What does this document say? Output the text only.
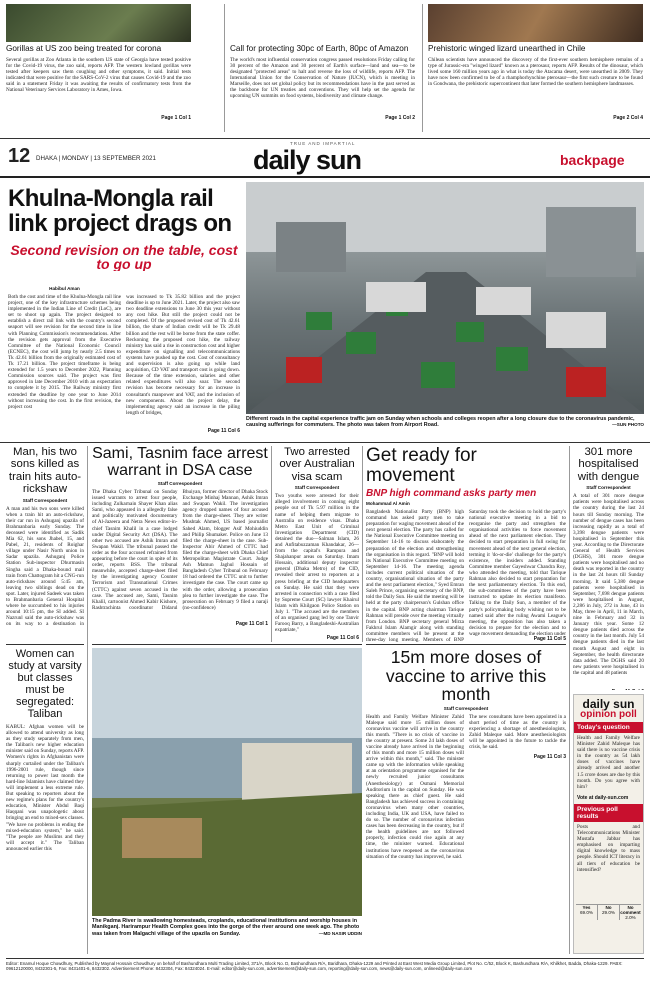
Gorillas at US zoo being treated for corona
Several gorillas at Zoo Atlanta in the southern US state of Georgia have tested positive for the Covid-19 virus, the zoo said, reports AFP. The western lowland gorillas were tested after keepers saw them coughing and other symptoms, it said. Initial tests indicated that were positive for the SARS-CoV-2 virus that causes Covid-19 and the zoo said in a statement Friday it was awaiting the results of confirmatory tests from the National Veterinary Services Laboratory in Ames, Iowa.
Page 1 Col 1
Call for protecting 30pc of Earth, 80pc of Amazon
The world's most influential conservation congress passed resolutions Friday calling for 30 percent of the Amazon and 30 percent of Earth's surface—land and sea—to be designated "protected areas" to halt and reverse the loss of wildlife, reports AFP. The International Union for the Conservation of Nature (IUCN), which is meeting in Marseille, does not set global policy but its recommendations have in the past served as the backbone for UN treaties and conventions. They will help set the agenda for upcoming UN summits on food systems, biodiversity and climate change.
Page 1 Col 2
Prehistoric winged lizard unearthed in Chile
Chilean scientists have announced the discovery of the first-ever southern hemisphere remains of a type of Jurassic-era "winged lizard" known as a pterosaur, reports AFP. Results of the dinosaur, which lived some 160 million years ago in what is today the Atacama desert, were unearthed in 2009. They have now been confirmed to be of a rhamphorhynchine pterosaur—the first such creature to be found in Gondwana, the prehistoric supercontinent that later formed the southern hemisphere landmasses.
Page 2 Col 4
12 DHAKA | MONDAY | 13 SEPTEMBER 2021
TRUE AND IMPARTIAL
daily sun	backpage
Khulna-Mongla rail link project drags on
Second revision on the table, cost to go up
Habibul Aman
Both the cost and time of the Khulna-Mongla rail line project, one of the key infrastructure schemes being implemented in the Indian Line of Credit (LoC), are set to shoot up again. The project designed to establish a direct rail link with the country's second seaport will see revision for the second time in line with Planning Commission's recommendations. After the revision gets approval from the Executive Committee of the National Economic Council (ECNEC), the cost will jump by nearly 2.5 times to Tk 42.61 billion from the originally estimated cost of Tk 17.21 billion. The project timeframe is being extended for 1.5 years to December 2022, Planning Commission sources said. The project was first approved in late December 2010 with an expectation to complete it by 2015. The Railway ministry first extended the deadline by one year to June 2014 without increasing the cost. In the first revision, the project cost
was increased to Tk 35.82 billion and the project deadline is up to June 2021. Later, the project also saw two deadline extensions to June 30 this year without any cost hike. But still the project could not be completed. Of the proposed revised cost of Tk 42.61 billion, the share of Indian credit will be Tk 29.48 billion and the rest will be borne from the state coffer. Reckoning the proposed cost hike, the railway ministry has said a rise in construction cost and higher expenditure on signalling and telecommunications systems have pushed up the cost. Cost of consultancy and supervision is also going up while land acquisition, CD VAT and transport cost is going down. Because of the time extension, salaries and other related expenditures will also soar. The second revision has become necessary for an increase in consultant's manpower and VAT, and the inclusion of new components. About the project delay, the implementing agency said an increase in the piling length of bridges,
Page 11 Col 6
Different roads in the capital experience traffic jam on Sunday when schools and colleges reopen after a long closure due to the coronavirus pandemic, causing sufferings for commuters. The photo was taken from Airport Road.	—SUN PHOTO
Man, his two sons killed as train hits auto-rickshaw
Staff Correspondent
A man and his two sons were killed when a train hit an auto-rickshaw, their car run in Ashuganj upazila of Brahmanbaria early Sunday. The deceased were identified as Sadik Mia 62, his sons Jhabel, 15, and Pabel, 21, residents of Roighar village under Nasir North union in Sadar upazila. Ashuganj Police Station Sub-inspector Dhurmasin Singha said a Dhaka-bound mail train from Chattogram hit a CNG-run auto-rickshaw around 5:45 am, leaving two siblings dead on the spot. Later, injured Sadeek was taken to Brahmanbaria General Hospital where he succumbed to his injuries around 10:15 pm, the SI added. SI Nazrunl said the auto-rickshaw was on its way to a destination in
Women can study at varsity but classes must be segregated: Taliban
KABUL: Afghan women will be allowed to attend university as long as they study separately from men, the Taliban's new higher education minister said on Sunday, reports AFP. Women's rights in Afghanistan were sharply curtailed under the Taliban's 1996-2001 rule, though since returning to power last month the hard-line Islamists have claimed they will implement a less extreme rule. But speaking to reporters about the new regime's plans for the country's education, Minister Abdul Baqi Haqqani was unapologetic about bringing an end to mixed-sex classes. "We have no problems in ending the mixed-education system," he said. "The people are Muslims and they will accept it." The Taliban announced earlier this
Sami, Tasnim face arrest warrant in DSA case
Staff Correspondent
The Dhaka Cyber Tribunal on Sunday issued warrants to arrest four people, including Zulkarnain Shayer Khan alias Sami, who appeared in a allegedly false and politically motivated documentary of Al-Jazeera and Netra News editor-in-chief Tasnim Khalil in a case lodged under Digital Security Act (DSA). The other two accused are Ashik Imran and Swapan Wakil. The tribunal passed the order as the four accused refrained from appearing before the court in spite of its order, reports BSS. The tribunal meanwhile, accepted charge-sheet filed by the investigating agency Counter Terrorism and Transnational Crimes (CTTC) against seven accused in the case. The accused are, Sami, Tasnim Khalil, cartoonist Ahmed Kabir Kishore, Rashtrachinta coordinator Didarul Bhuiyan, former director of Dhaka Stock Exchange Minhaj Mannan, Ashik Imran and Swapan Wakil. The investigation agency dropped names of four accused from the charge-sheet. They are writer Mushtak Ahmed, US based journalist Sahed Alam, blogger Asif Mohiuddin and Philip Shumaker. Police on June 13 filed the charge-sheet in the case. Sub-Inspector Abir Ahmed of CTTC had filed the charge-sheet with Dhaka Chief Metropolitan Magistrate Court. Judge Ash Mamun Jaghul Hossain of Bangladesh Cyber Tribunal on February 18 had ordered the CTTC unit to further investigate the case. The court came up with the order, allowing a prosecution plea to further investigate the case. The prosecution on February 9 filed a naraji (no-confidence)
Page 11 Col 1
Two arrested over Australian visa scam
Staff Correspondent
Two youths were arrested for their alleged involvement in conning eight people out of Tk 5.97 million in the name of helping them migrate to Australia on residence visas. Dhaka Metro East Unit of Criminal Investigation Department (CID) detained the duo—Salman Islam, 26 and Anfitabuzzaman Khandakar, 26—from the capital's Rampura and Shajahanpur areas on Saturday. Imam Hossain, additional deputy inspector general (Dhaka Metro) of the CID, revealed their arrest to reporters at a press briefing at the CID headquarters on Sunday. He said that they were arrested in connection with a case filed by Supreme Court (SC) lawyer Khairul Islam with Khilgaon Police Station on July 1. "The accused are the members of an organised gang led by one Tanvir Farooq Barry, a Bangladeshi-Australian expatriate,"
Page 11 Col 6
Get ready for movement
BNP high command asks party men
Mohammad Al Amin
Bangladesh Nationalist Party (BNP) high command has asked party men to take preparation for waging movement ahead of the next general election. The party has called for the National Executive Committee meeting on September 14-16 to discuss elaborately the preparation of the election and strengthening the organisation in this regard. "BNP will hold its National Executive Committee meeting on September 14-16. The meeting agenda includes current political situation of the country, organisational situation of the party and the next parliament election," Syed Emran Saleh Prince, organising secretary of the BNP, told the Daily Sun. He said the meeting will be held at the party chairperson's Gulshan office in the capital. BNP acting chairman Tarique Rahman will preside over the meeting virtually from London. BNP secretary general Mirza Fakhrul Islam Alamgir along with standing committee members will be present at the three-day long meeting. Members of BNP
Saturday took the decision to hold the party's national executive meeting in a bid to reorganise the party and strengthen the organisational activities to force movement ahead of the next parliament election. They decided to start preparation in full swing for movement ahead of the next general election, terming it 'do-or-die' challenge for the party's existence, the insiders added. Standing Committee member Gayeshwar Chandra Roy, who attended the meeting, told that Tarique Rahman also decided to start preparation for the next parliamentary election. To this end, the sub-committees of the party have been instructed to update its election manifesto. Talking to the Daily Sun, a member of the party's policymaking body wishing not to be named said after the ruling Awami League's meeting, the opposition has also taken a decision to prepare for the election and to wage movement demanding the election under
Page 11 Col 5
301 more hospitalised with dengue
Staff Correspondent
A total of 301 more dengue patients were hospitalised across the country during the last 24 hours till Sunday morning. The number of dengue cases has been increasing rapidly as a total of 3,398 dengue patients were hospitalised in September this year. According to the Directorate General of Health Services (DGHS), 301 more dengue patients were hospitalised and no death was reported in the country in the last 24 hours till Sunday morning. It said 5,380 dengue patients were hospitalised in September, 7,698 dengue patients were hospitalised in August, 2,286 in July, 272 in June, 43 in May, three in April, 11 in March, nine in February and 32 in January this year. Some 12 dengue patients died across the country in the last month. July 54 dengue patients died in the last month August and eight in September, the health directorate data added. The DGHS said 20 new patients were hospitalised in the capital and 48 patients
The Padma River is swallowing homesteads, croplands, educational institutions and worship houses in Manikganj. Harirampur Health Complex goes into the gorge of the river around one week ago. The photo was taken from Malgachi village of the upazila on Sunday.	—MD NASIR UDDIN
15m more doses of vaccine to arrive this month
Staff Correspondent
Health and Family Welfare Minister Zahid Maleque said more 15 million doses of coronavirus vaccine will arrive in the country this month. "There is no crisis of vaccine in the country at present. Some 24 lakh doses of vaccine already have arrived in the beginning of this month and more 15 million doses will arrive within this month," said. The minister came up with the information while speaking at an orientation programme organised for the newly recruited junior consultants (Anesthesiology) at Osmani Memorial Auditorium in the capital on Sunday. He was speaking there as chief guest. He said Bangladesh has achieved success in containing coronavirus when many other countries, including India, UK and USA, have failed to do so. The number of coronavirus infection cases has been decreasing in the country, but if the health guidelines are not followed properly, infection could rise again at any time, the minister warned. Educational institutions have reopened as the coronavirus situation of the country has improved, he said.
The new consultants have been appointed in a short period of time as the country is experiencing a shortage of anesthesiologists, Zahid Maleque said. More anesthesiologists will be appointed in the future to tackle the crisis, he said.
Page 11 Col 3
daily sun
opinion poll
Today's question
Health and Family Welfare Minister Zahid Maleque has said there is no vaccine crisis in the country as 54 lakh doses of vaccines have already arrived and another 1.5 crore doses are due by this month. Do you agree with him?
Vote at daily-sun.com
Previous poll results
Posts and Telecommunications Minister Mustafa Jabbar has emphasised on imparting digital knowledge to mass people. Should ICT literacy in all tiers of education be intensified?
Yes
69.0%
No
29.0%
No comment
2.0%
Editor: Enamul Hoque Chowdhury, Published by Maynal Hossain Chowdhury on behalf of Bashundhara Multi Trading Limited, 371/A, Block No. D, Bashundhara R/A, Baridhara, Dhaka-1229 and Printed at East West Media Group Limited, Plot No. C/52, Block K, Bashundhara R/A, Khilkhet, Badda, Dhaka-1229. PABX: 09612120000, 8432301-5, Fax: 8431401-6, 8432302. Advertisement Phone: 8432304, Fax: 84324024. E-mail: editor@daily-sun.com, advertisement@daily-sun.com, reporting@daily-sun.com, news@daily-sun.com, onlineed@daily-sun.com
